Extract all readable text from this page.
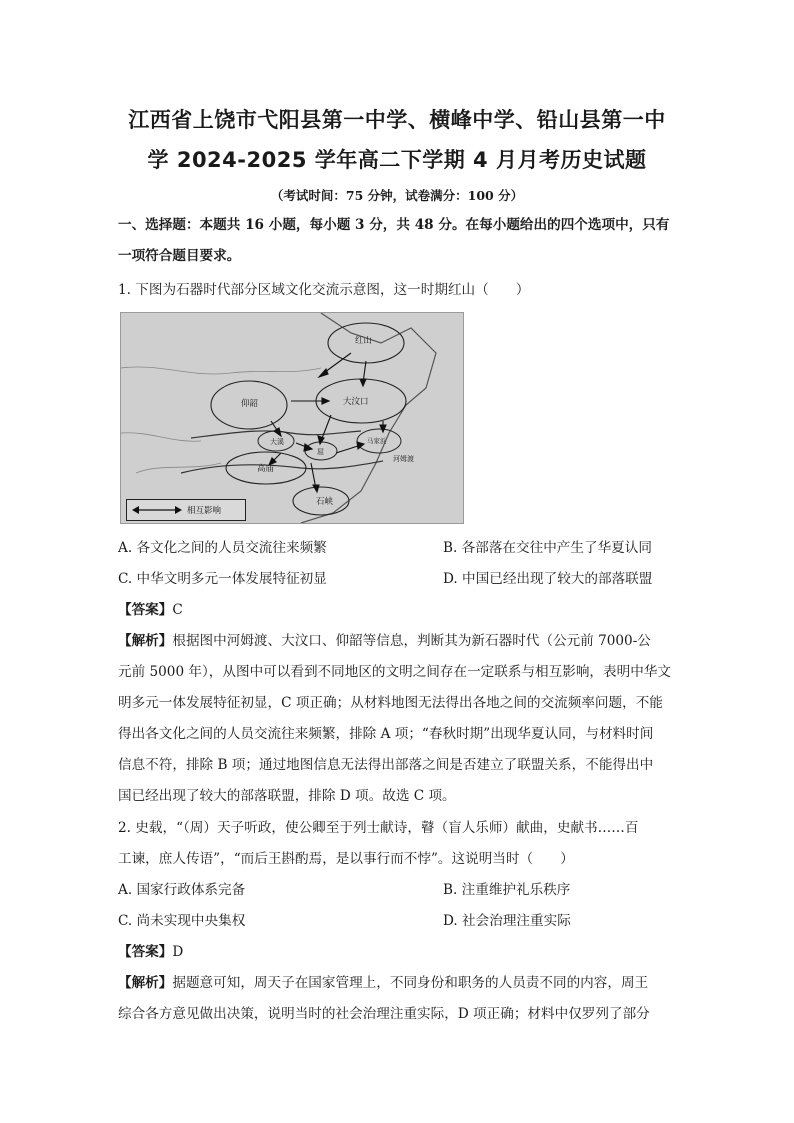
江西省上饶市弋阳县第一中学、横峰中学、铅山县第一中
学 2024-2025 学年高二下学期 4 月月考历史试题
（考试时间：75 分钟，试卷满分：100 分）
一、选择题：本题共 16 小题，每小题 3 分，共 48 分。在每小题给出的四个选项中，只有
一项符合题目要求。
1. 下图为石器时代部分区域文化交流示意图，这一时期红山（　　）
红山
仰韶	大汶口
高庙
石峡
河姆渡
大溪
屈
马家浜
相互影响
A. 各文化之间的人员交流往来频繁	B. 各部落在交往中产生了华夏认同
C. 中华文明多元一体发展特征初显	D. 中国已经出现了较大的部落联盟
【答案】C
【解析】根据图中河姆渡、大汶口、仰韶等信息，判断其为新石器时代（公元前 7000-公
元前 5000 年），从图中可以看到不同地区的文明之间存在一定联系与相互影响，表明中华文
明多元一体发展特征初显，C 项正确；从材料地图无法得出各地之间的交流频率问题，不能
得出各文化之间的人员交流往来频繁，排除 A 项；“春秋时期”出现华夏认同，与材料时间
信息不符，排除 B 项；通过地图信息无法得出部落之间是否建立了联盟关系，不能得出中
国已经出现了较大的部落联盟，排除 D 项。故选 C 项。
2. 史载，“（周）天子听政，使公卿至于列士献诗，瞽（盲人乐师）献曲，史献书……百
工谏，庶人传语”，“而后王斟酌焉，是以事行而不悖”。这说明当时（　　）
A. 国家行政体系完备	B. 注重维护礼乐秩序
C. 尚未实现中央集权	D. 社会治理注重实际
【答案】D
【解析】据题意可知，周天子在国家管理上，不同身份和职务的人员责不同的内容，周王
综合各方意见做出决策，说明当时的社会治理注重实际，D 项正确；材料中仅罗列了部分
